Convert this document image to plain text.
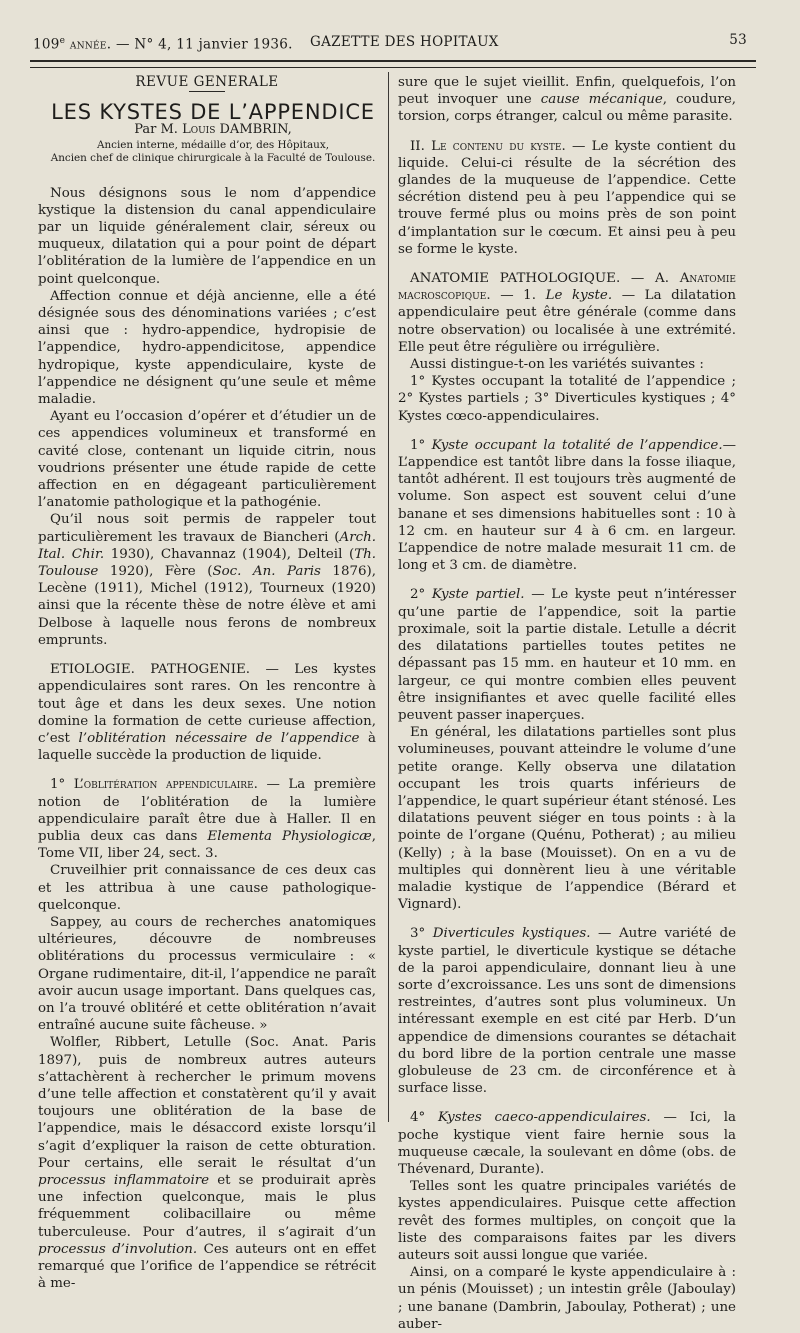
109e année. — N° 4, 11 janvier 1936. GAZETTE DES HOPITAUX	53

REVUE GENERALE

LES KYSTES DE L’APPENDICE

Par M. Louis DAMBRIN,

Ancien interne, médaille d’or, des Hôpitaux,

Ancien chef de clinique chirurgicale à la Faculté de Toulouse.

Nous désignons sous le nom d’appendice kystique la distension du canal appendiculaire par un liquide généralement clair, séreux ou muqueux, dilatation qui a pour point de départ l’oblitération de la lumière de l’appendice en un point quelconque.

Affection connue et déjà ancienne, elle a été désignée sous des dénominations variées ; c’est ainsi que : hydro-appendice, hydropisie de l’appendice, hydro-appendicitose, appendice hydropique, kyste appendiculaire, kyste de l’appendice ne désignent qu’une seule et même maladie.

Ayant eu l’occasion d’opérer et d’étudier un de ces appendices volumineux et transformé en cavité close, contenant un liquide citrin, nous voudrions présenter une étude rapide de cette affection en en dégageant particulièrement l’anatomie pathologique et la pathogénie.

Qu’il nous soit permis de rappeler tout particulièrement les travaux de Biancheri (Arch. Ital. Chir. 1930), Chavannaz (1904), Delteil (Th. Toulouse 1920), Fère (Soc. An. Paris 1876), Lecène (1911), Michel (1912), Tourneux (1920) ainsi que la récente thèse de notre élève et ami Delbose à laquelle nous ferons de nombreux emprunts.

ETIOLOGIE. PATHOGENIE. — Les kystes appendiculaires sont rares. On les rencontre à tout âge et dans les deux sexes. Une notion domine la formation de cette curieuse affection, c’est l’oblitération nécessaire de l’appendice à laquelle succède la production de liquide.

1° L’oblitération appendiculaire. — La première notion de l’oblitération de la lumière appendiculaire paraît être due à Haller. Il en publia deux cas dans Elementa Physiologicæ, Tome VII, liber 24, sect. 3.

Cruveilhier prit connaissance de ces deux cas et les attribua à une cause pathologique-quelconque.

Sappey, au cours de recherches anatomiques ultérieures, découvre de nombreuses oblitérations du processus vermiculaire : « Organe rudimentaire, dit-il, l’appendice ne paraît avoir aucun usage important. Dans quelques cas, on l’a trouvé oblitéré et cette oblitération n’avait entraîné aucune suite fâcheuse. »

Wolfler, Ribbert, Letulle (Soc. Anat. Paris 1897), puis de nombreux autres auteurs s’attachèrent à rechercher le primum movens d’une telle affection et constatèrent qu’il y avait toujours une oblitération de la base de l’appendice, mais le désaccord existe lorsqu’il s’agit d’expliquer la raison de cette obturation. Pour certains, elle serait le résultat d’un processus inflammatoire et se produirait après une infection quelconque, mais le plus fréquemment colibacillaire ou même tuberculeuse. Pour d’autres, il s’agirait d’un processus d’involution. Ces auteurs ont en effet remarqué que l’orifice de l’appendice se rétrécit à me-

sure que le sujet vieillit. Enfin, quelquefois, l’on peut invoquer une cause mécanique, coudure, torsion, corps étranger, calcul ou même parasite.

II. Le contenu du kyste. — Le kyste contient du liquide. Celui-ci résulte de la sécrétion des glandes de la muqueuse de l’appendice. Cette sécrétion distend peu à peu l’appendice qui se trouve fermé plus ou moins près de son point d’implantation sur le cœcum. Et ainsi peu à peu se forme le kyste.

ANATOMIE PATHOLOGIQUE. — A. Anatomie macroscopique. — 1. Le kyste. — La dilatation appendiculaire peut être générale (comme dans notre observation) ou localisée à une extrémité. Elle peut être régulière ou irrégulière.

Aussi distingue-t-on les variétés suivantes :

1° Kystes occupant la totalité de l’appendice ; 2° Kystes partiels ; 3° Diverticules kystiques ; 4° Kystes cœco-appendiculaires.

1° Kyste occupant la totalité de l’appendice.— L’appendice est tantôt libre dans la fosse iliaque, tantôt adhérent. Il est toujours très augmenté de volume. Son aspect est souvent celui d’une banane et ses dimensions habituelles sont : 10 à 12 cm. en hauteur sur 4 à 6 cm. en largeur. L’appendice de notre malade mesurait 11 cm. de long et 3 cm. de diamètre.

2° Kyste partiel. — Le kyste peut n’intéresser qu’une partie de l’appendice, soit la partie proximale, soit la partie distale. Letulle a décrit des dilatations partielles toutes petites ne dépassant pas 15 mm. en hauteur et 10 mm. en largeur, ce qui montre combien elles peuvent être insignifiantes et avec quelle facilité elles peuvent passer inaperçues.

En général, les dilatations partielles sont plus volumineuses, pouvant atteindre le volume d’une petite orange. Kelly observa une dilatation occupant les trois quarts inférieurs de l’appendice, le quart supérieur étant sténosé. Les dilatations peuvent siéger en tous points : à la pointe de l’organe (Quénu, Potherat) ; au milieu (Kelly) ; à la base (Mouisset). On en a vu de multiples qui donnèrent lieu à une véritable maladie kystique de l’appendice (Bérard et Vignard).

3° Diverticules kystiques. — Autre variété de kyste partiel, le diverticule kystique se détache de la paroi appendiculaire, donnant lieu à une sorte d’excroissance. Les uns sont de dimensions restreintes, d’autres sont plus volumineux. Un intéressant exemple en est cité par Herb. D’un appendice de dimensions courantes se détachait du bord libre de la portion centrale une masse globuleuse de 23 cm. de circonférence et à surface lisse.

4° Kystes caeco-appendiculaires. — Ici, la poche kystique vient faire hernie sous la muqueuse cæcale, la soulevant en dôme (obs. de Thévenard, Durante).

Telles sont les quatre principales variétés de kystes appendiculaires. Puisque cette affection revêt des formes multiples, on conçoit que la liste des comparaisons faites par les divers auteurs soit aussi longue que variée.

Ainsi, on a comparé le kyste appendiculaire à : un pénis (Mouisset) ; un intestin grêle (Jaboulay) ; une banane (Dambrin, Jaboulay, Potherat) ; une auber-
